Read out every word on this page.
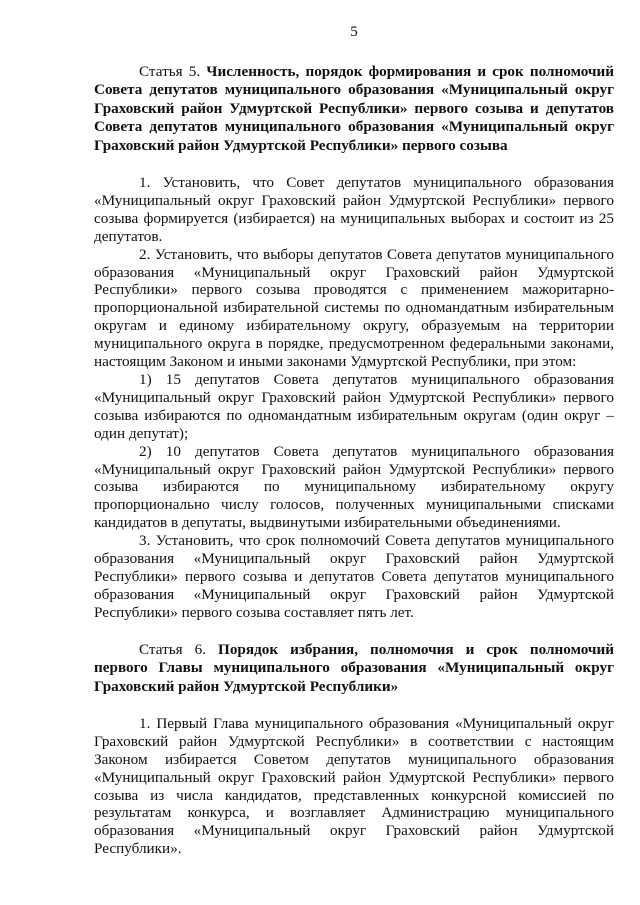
5
Статья 5. Численность, порядок формирования и срок полномочий Совета депутатов муниципального образования «Муниципальный округ Граховский район Удмуртской Республики» первого созыва и депутатов Совета депутатов муниципального образования «Муниципальный округ Граховский район Удмуртской Республики» первого созыва

1. Установить, что Совет депутатов муниципального образования «Муниципальный округ Граховский район Удмуртской Республики» первого созыва формируется (избирается) на муниципальных выборах и состоит из 25 депутатов.

2. Установить, что выборы депутатов Совета депутатов муниципального образования «Муниципальный округ Граховский район Удмуртской Республики» первого созыва проводятся с применением мажоритарно-пропорциональной избирательной системы по одномандатным избирательным округам и единому избирательному округу, образуемым на территории муниципального округа в порядке, предусмотренном федеральными законами, настоящим Законом и иными законами Удмуртской Республики, при этом:

1) 15 депутатов Совета депутатов муниципального образования «Муниципальный округ Граховский район Удмуртской Республики» первого созыва избираются по одномандатным избирательным округам (один округ – один депутат);

2) 10 депутатов Совета депутатов муниципального образования «Муниципальный округ Граховский район Удмуртской Республики» первого созыва избираются по муниципальному избирательному округу пропорционально числу голосов, полученных муниципальными списками кандидатов в депутаты, выдвинутыми избирательными объединениями.

3. Установить, что срок полномочий Совета депутатов муниципального образования «Муниципальный округ Граховский район Удмуртской Республики» первого созыва и депутатов Совета депутатов муниципального образования «Муниципальный округ Граховский район Удмуртской Республики» первого созыва составляет пять лет.

Статья 6. Порядок избрания, полномочия и срок полномочий первого Главы муниципального образования «Муниципальный округ Граховский район Удмуртской Республики»

1. Первый Глава муниципального образования «Муниципальный округ Граховский район Удмуртской Республики» в соответствии с настоящим Законом избирается Советом депутатов муниципального образования «Муниципальный округ Граховский район Удмуртской Республики» первого созыва из числа кандидатов, представленных конкурсной комиссией по результатам конкурса, и возглавляет Администрацию муниципального образования «Муниципальный округ Граховский район Удмуртской Республики».
